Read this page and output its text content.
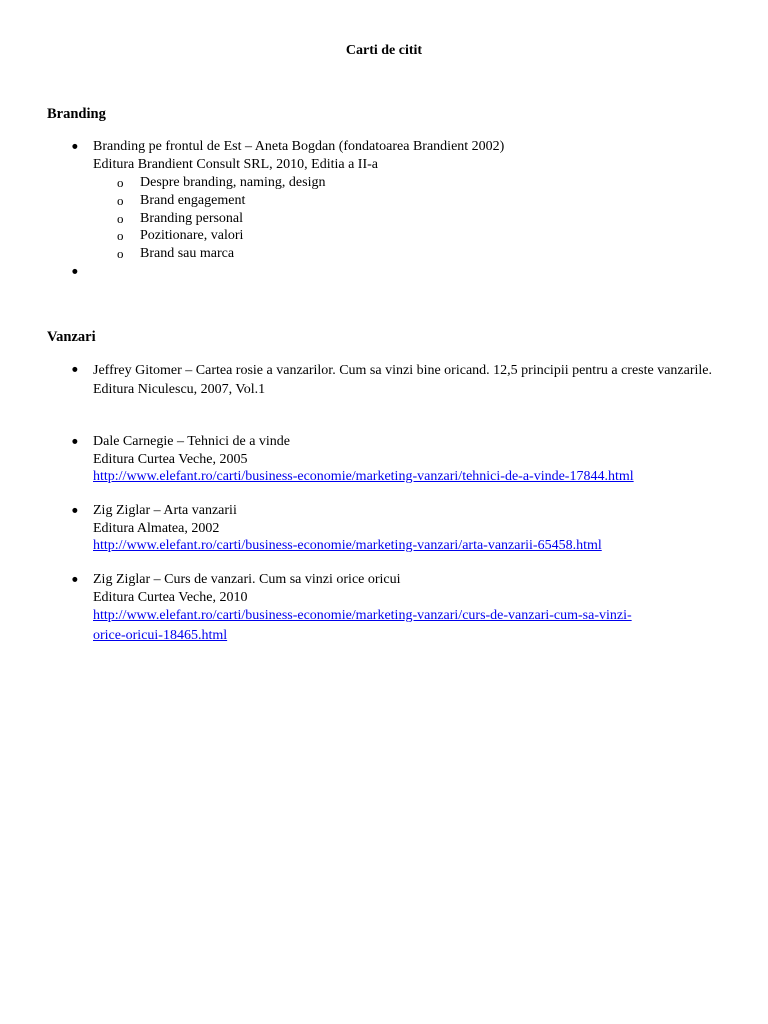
Carti de citit
Branding
●
Branding pe frontul de Est – Aneta Bogdan (fondatoarea Brandient 2002)
Editura Brandient Consult SRL, 2010, Editia a II-a
o Despre branding, naming, design
o Brand engagement
o Branding personal
o Pozitionare, valori
o Brand sau marca
●
Vanzari
●
Jeffrey Gitomer – Cartea rosie a vanzarilor. Cum sa vinzi bine oricand. 12,5 principii pentru a creste vanzarile.
Editura Niculescu, 2007, Vol.1
●
Dale Carnegie – Tehnici de a vinde
Editura Curtea Veche, 2005
http://www.elefant.ro/carti/business-economie/marketing-vanzari/tehnici-de-a-vinde-17844.html
●
Zig Ziglar – Arta vanzarii
Editura Almatea, 2002
http://www.elefant.ro/carti/business-economie/marketing-vanzari/arta-vanzarii-65458.html
●
Zig Ziglar – Curs de vanzari. Cum sa vinzi orice oricui
Editura Curtea Veche, 2010
http://www.elefant.ro/carti/business-economie/marketing-vanzari/curs-de-vanzari-cum-sa-vinzi-
orice-oricui-18465.html
